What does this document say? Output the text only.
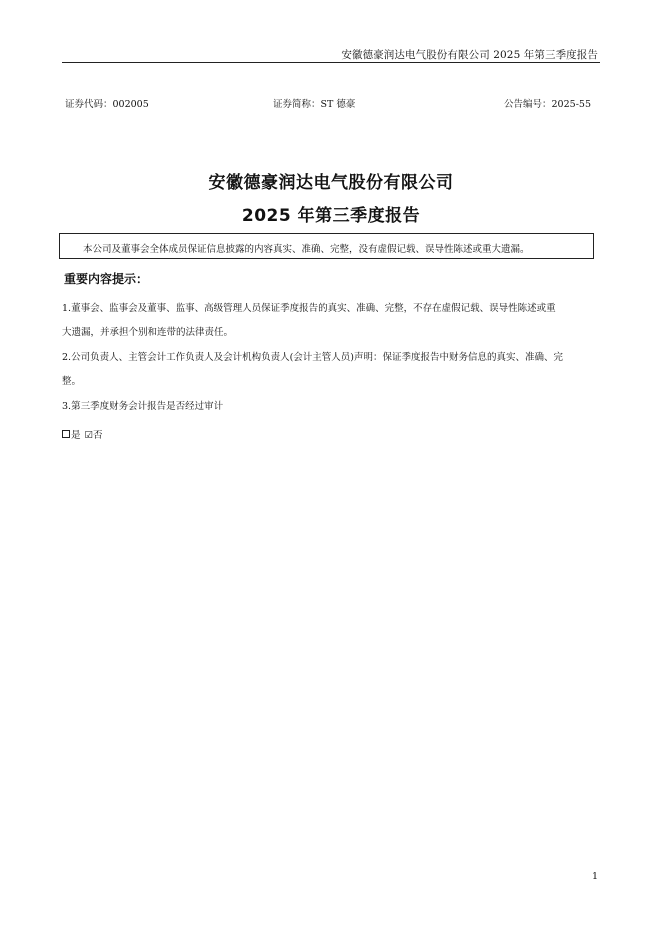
安徽德豪润达电气股份有限公司 2025 年第三季度报告
证券代码：002005	证券简称：ST 德豪	公告编号：2025-55
安徽德豪润达电气股份有限公司
2025 年第三季度报告
本公司及董事会全体成员保证信息披露的内容真实、准确、完整，没有虚假记载、误导性陈述或重大遗漏。
重要内容提示：
1.董事会、监事会及董事、监事、高级管理人员保证季度报告的真实、准确、完整，不存在虚假记载、误导性陈述或重
大遗漏，并承担个别和连带的法律责任。
2.公司负责人、主管会计工作负责人及会计机构负责人(会计主管人员)声明：保证季度报告中财务信息的真实、准确、完
整。
3.第三季度财务会计报告是否经过审计
是 ☑否
1
